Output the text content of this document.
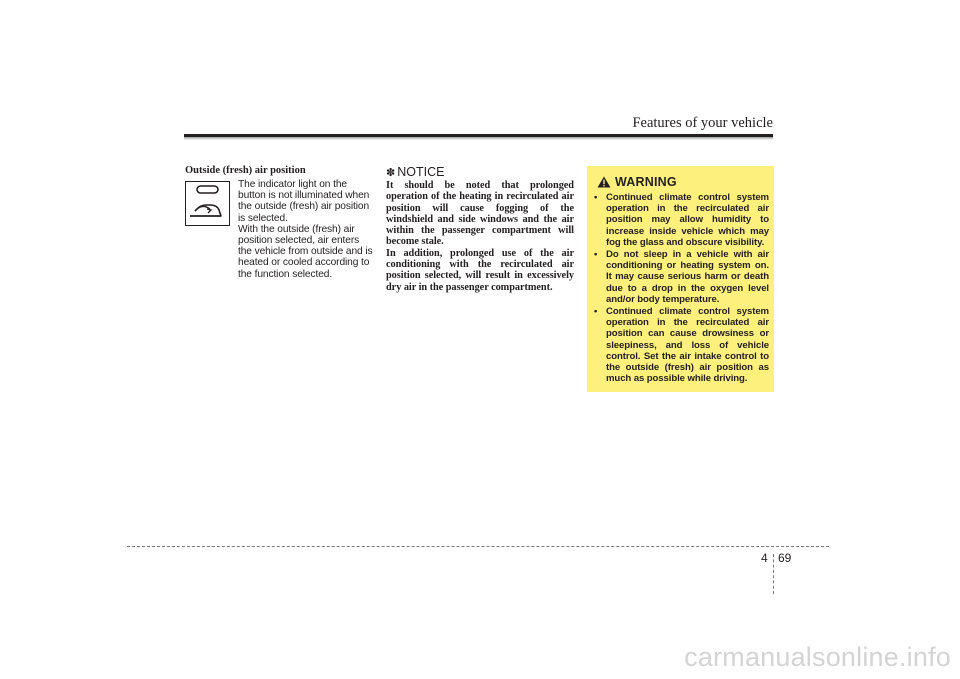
Features of your vehicle
Outside (fresh) air position

The indicator light on the button is not illuminated when the outside (fresh) air position is selected.

With the outside (fresh) air position selected, air enters the vehicle from outside and is heated or cooled according to the function selected.

✽ NOTICE

It should be noted that prolonged operation of the heating in recirculated air position will cause fogging of the windshield and side windows and the air within the passenger compartment will become stale.

In addition, prolonged use of the air conditioning with the recirculated air position selected, will result in excessively dry air in the passenger compartment.

WARNING
• Continued climate control system operation in the recirculated air position may allow humidity to increase inside vehicle which may fog the glass and obscure visibility.
• Do not sleep in a vehicle with air conditioning or heating system on. It may cause serious harm or death due to a drop in the oxygen level and/or body temperature.
• Continued climate control system operation in the recirculated air position can cause drowsiness or sleepiness, and loss of vehicle control. Set the air intake control to the outside (fresh) air position as much as possible while driving.
4 69
carmanualsonline.info
